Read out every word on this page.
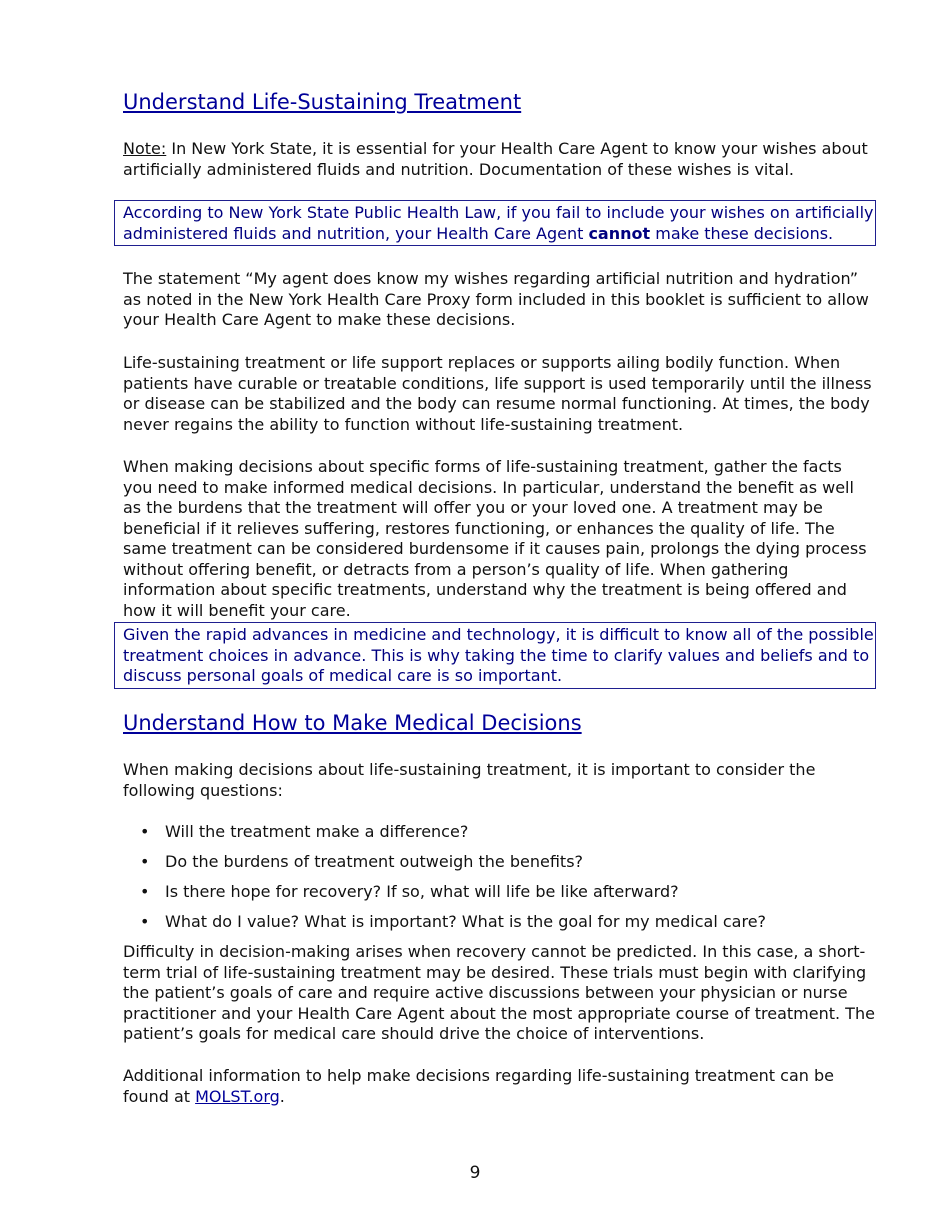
Understand Life-Sustaining Treatment

Note: In New York State, it is essential for your Health Care Agent to know your wishes about artificially administered fluids and nutrition. Documentation of these wishes is vital.

According to New York State Public Health Law, if you fail to include your wishes on artificially administered fluids and nutrition, your Health Care Agent cannot make these decisions.

The statement “My agent does know my wishes regarding artificial nutrition and hydration” as noted in the New York Health Care Proxy form included in this booklet is sufficient to allow your Health Care Agent to make these decisions.

Life-sustaining treatment or life support replaces or supports ailing bodily function. When patients have curable or treatable conditions, life support is used temporarily until the illness or disease can be stabilized and the body can resume normal functioning. At times, the body never regains the ability to function without life-sustaining treatment.

When making decisions about specific forms of life-sustaining treatment, gather the facts you need to make informed medical decisions. In particular, understand the benefit as well as the burdens that the treatment will offer you or your loved one. A treatment may be beneficial if it relieves suffering, restores functioning, or enhances the quality of life. The same treatment can be considered burdensome if it causes pain, prolongs the dying process without offering benefit, or detracts from a person’s quality of life. When gathering information about specific treatments, understand why the treatment is being offered and how it will benefit your care.

Given the rapid advances in medicine and technology, it is difficult to know all of the possible treatment choices in advance. This is why taking the time to clarify values and beliefs and to discuss personal goals of medical care is so important.
Understand How to Make Medical Decisions

When making decisions about life-sustaining treatment, it is important to consider the following questions:

• Will the treatment make a difference?
• Do the burdens of treatment outweigh the benefits?
• Is there hope for recovery? If so, what will life be like afterward?
• What do I value? What is important? What is the goal for my medical care?

Difficulty in decision-making arises when recovery cannot be predicted. In this case, a short-term trial of life-sustaining treatment may be desired. These trials must begin with clarifying the patient’s goals of care and require active discussions between your physician or nurse practitioner and your Health Care Agent about the most appropriate course of treatment. The patient’s goals for medical care should drive the choice of interventions.

Additional information to help make decisions regarding life-sustaining treatment can be found at MOLST.org.

9
